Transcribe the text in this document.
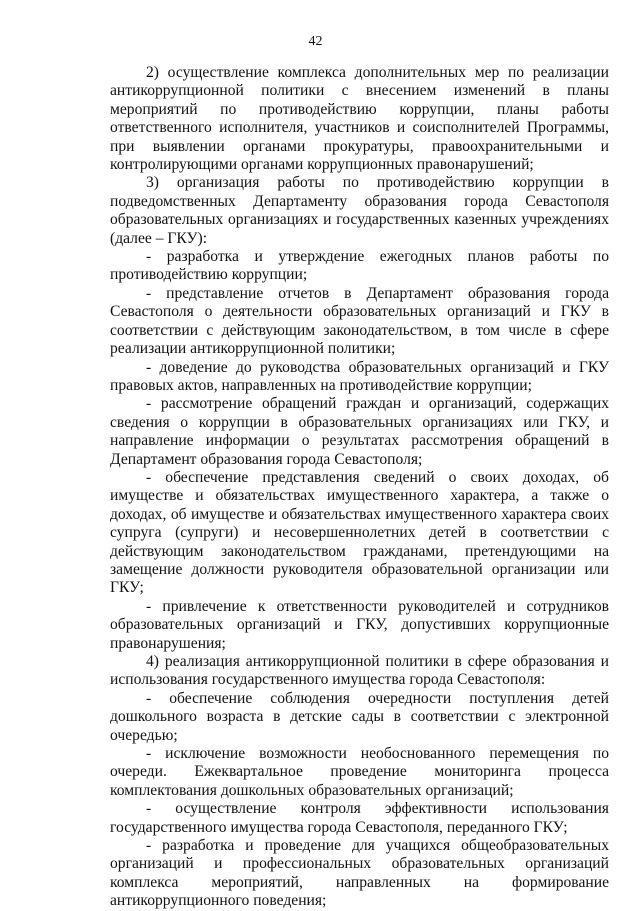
42

2) осуществление комплекса дополнительных мер по реализации антикоррупционной политики с внесением изменений в планы мероприятий по противодействию коррупции, планы работы ответственного исполнителя, участников и соисполнителей Программы, при выявлении органами прокуратуры, правоохранительными и контролирующими органами коррупционных правонарушений;

3) организация работы по противодействию коррупции в подведомственных Департаменту образования города Севастополя образовательных организациях и государственных казенных учреждениях (далее – ГКУ):

- разработка и утверждение ежегодных планов работы по противодействию коррупции;

- представление отчетов в Департамент образования города Севастополя о деятельности образовательных организаций и ГКУ в соответствии с действующим законодательством, в том числе в сфере реализации антикоррупционной политики;

- доведение до руководства образовательных организаций и ГКУ правовых актов, направленных на противодействие коррупции;

- рассмотрение обращений граждан и организаций, содержащих сведения о коррупции в образовательных организациях или ГКУ, и направление информации о результатах рассмотрения обращений в Департамент образования города Севастополя;

- обеспечение представления сведений о своих доходах, об имуществе и обязательствах имущественного характера, а также о доходах, об имуществе и обязательствах имущественного характера своих супруга (супруги) и несовершеннолетних детей в соответствии с действующим законодательством гражданами, претендующими на замещение должности руководителя образовательной организации или ГКУ;

- привлечение к ответственности руководителей и сотрудников образовательных организаций и ГКУ, допустивших коррупционные правонарушения;

4) реализация антикоррупционной политики в сфере образования и использования государственного имущества города Севастополя:

- обеспечение соблюдения очередности поступления детей дошкольного возраста в детские сады в соответствии с электронной очередью;

- исключение возможности необоснованного перемещения по очереди. Ежеквартальное проведение мониторинга процесса комплектования дошкольных образовательных организаций;

- осуществление контроля эффективности использования государственного имущества города Севастополя, переданного ГКУ;

- разработка и проведение для учащихся общеобразовательных организаций и профессиональных образовательных организаций комплекса мероприятий, направленных на формирование антикоррупционного поведения;
